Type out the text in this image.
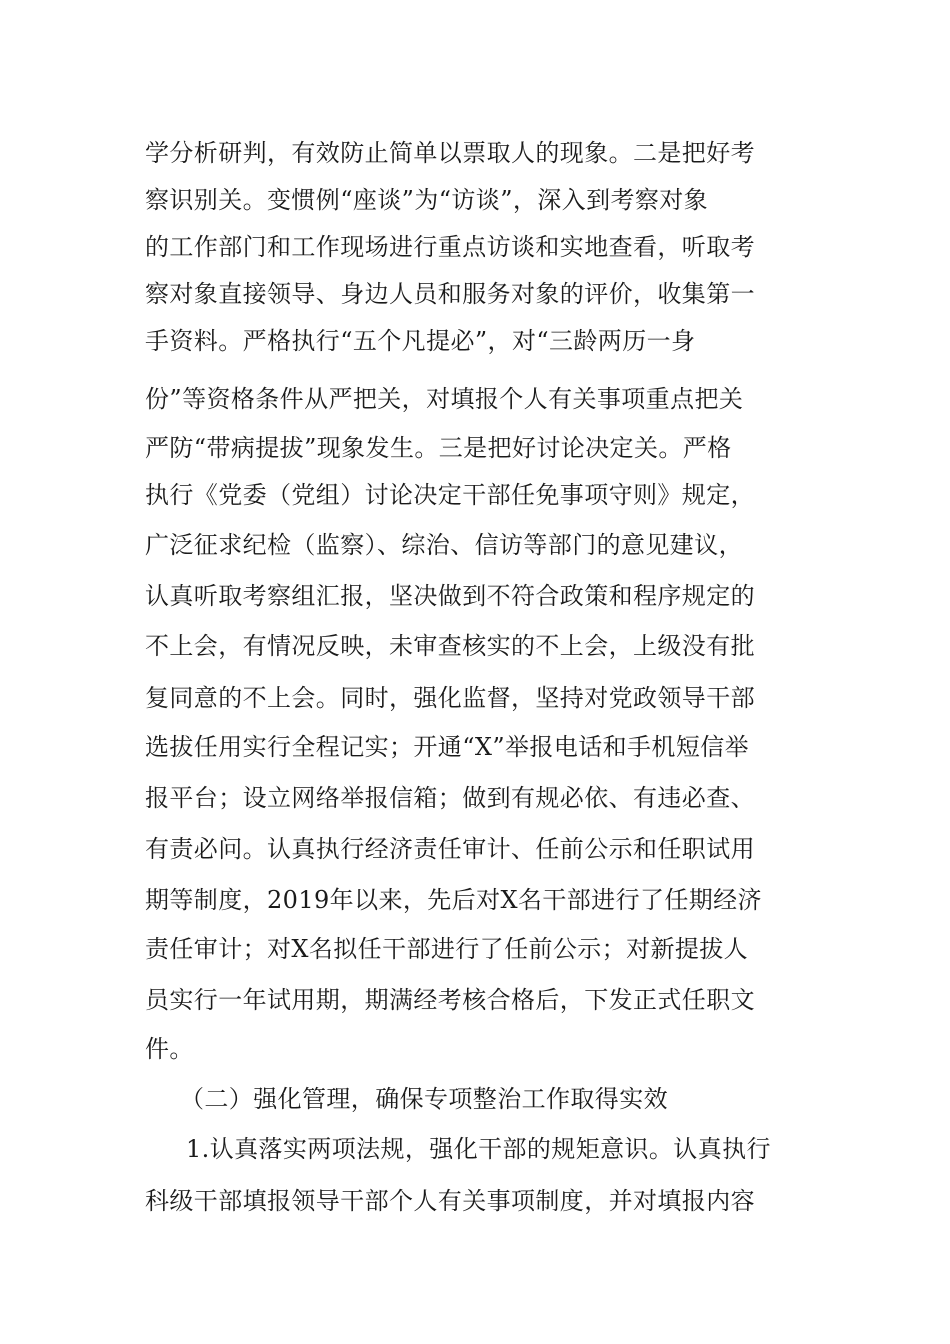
学分析研判，有效防止简单以票取人的现象。二是把好考
察识别关。变惯例“座谈”为“访谈”，深入到考察对象
的工作部门和工作现场进行重点访谈和实地查看，听取考
察对象直接领导、身边人员和服务对象的评价，收集第一
手资料。严格执行“五个凡提必”，对“三龄两历一身
份”等资格条件从严把关，对填报个人有关事项重点把关
严防“带病提拔”现象发生。三是把好讨论决定关。严格
执行《党委（党组）讨论决定干部任免事项守则》规定，
广泛征求纪检（监察）、综治、信访等部门的意见建议，
认真听取考察组汇报，坚决做到不符合政策和程序规定的
不上会，有情况反映，未审查核实的不上会，上级没有批
复同意的不上会。同时，强化监督，坚持对党政领导干部
选拔任用实行全程记实；开通“X”举报电话和手机短信举
报平台；设立网络举报信箱；做到有规必依、有违必查、
有责必问。认真执行经济责任审计、任前公示和任职试用
期等制度，2019年以来，先后对X名干部进行了任期经济
责任审计；对X名拟任干部进行了任前公示；对新提拔人
员实行一年试用期，期满经考核合格后，下发正式任职文
件。
（二）强化管理，确保专项整治工作取得实效
1.认真落实两项法规，强化干部的规矩意识。认真执行
科级干部填报领导干部个人有关事项制度，并对填报内容
